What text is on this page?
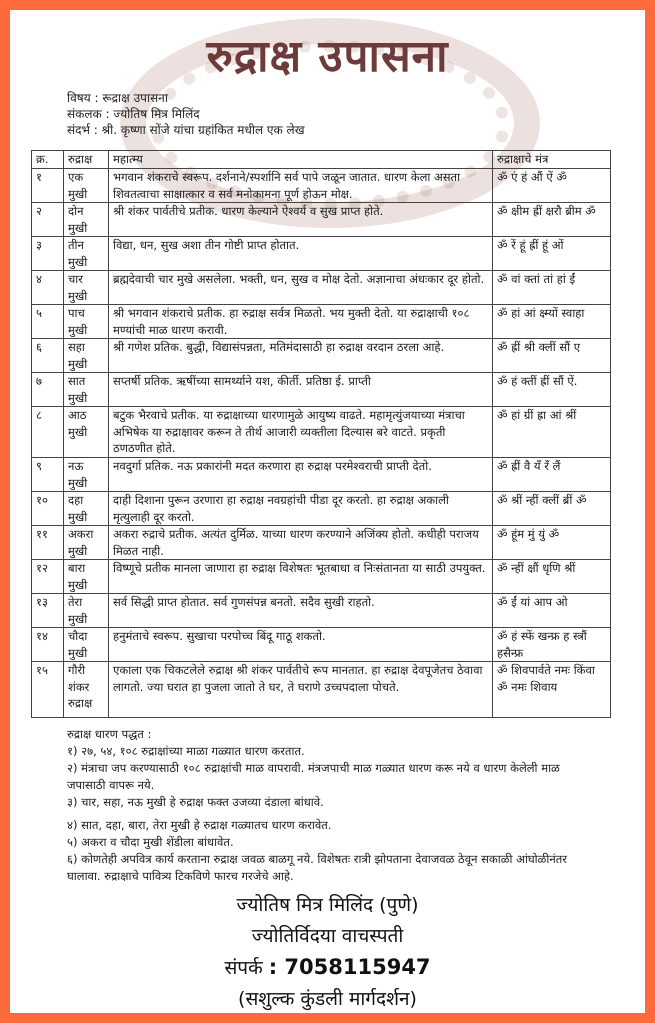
रुद्राक्ष उपासना
विषय : रूद्राक्ष उपासना
संकलक : ज्योतिष मित्र मिलिंद
संदर्भ : श्री. कृष्णा सोंजे यांचा ग्रहांकित मधील एक लेख
क्र.	रुद्राक्ष	महात्म्य	रुद्राक्षाचे मंत्र
१	एक मुखी	भगवान शंकराचे स्वरूप. दर्शनाने/स्पर्शानि सर्व पापे जळून जातात. धारण केला असता शिवतत्वाचा साक्षात्कार व सर्व मनोकामना पूर्ण होऊन मोक्ष.	ॐ एं हं औं ऐं ॐ
२	दोन मुखी	श्री शंकर पार्वतीचे प्रतीक. धारण केल्याने ऐश्वर्य व सुख प्राप्त होते.	ॐ क्षीम ह्रीं क्षरौ ब्रीम ॐ
३	तीन मुखी	विद्या, धन, सुख अशा तीन गोष्टी प्राप्त होतात.	ॐ रें हूं ह्रीं हूं ओं
४	चार मुखी	ब्रह्मदेवाची चार मुखे असलेला. भक्ती, धन, सुख व मोक्ष देतो. अज्ञानाचा अंधःकार दूर होतो.	ॐ वां क्तां तां हां ईं
५	पाच मुखी	श्री भगवान शंकराचे प्रतीक. हा रुद्राक्ष सर्वत्र मिळतो. भय मुक्ती देतो. या रुद्राक्षाची १०८ मण्यांची माळ धारण करावी.	ॐ हां आं क्ष्म्यों स्वाहा
६	सहा मुखी	श्री गणेश प्रतिक. बुद्धी, विद्यासंपन्नता, मतिमंदासाठी हा रुद्राक्ष वरदान ठरला आहे.	ॐ ह्रीं श्री क्लीं सौं ए
७	सात मुखी	सप्तर्षी प्रतिक. ऋषींच्या सामर्थ्याने यश, कीर्ती. प्रतिष्ठा ई. प्राप्ती	ॐ हं क्तीं ह्रीं सौं ऐं.
८	आठ मुखी	बटुक भैरवाचे प्रतीक. या रुद्राक्षाच्या धारणामुळे आयुष्य वाढते. महामृत्युंजयाच्या मंत्राचा अभिषेक या रुद्राक्षावर करून ते तीर्थ आजारी व्यक्तीला दिल्यास बरे वाटते. प्रकृती ठणठणीत होते.	ॐ हां ग्रीं ह्रा आं श्रीं
९	नऊ मुखी	नवदुर्गा प्रतिक. नऊ प्रकारांनी मदत करणारा हा रुद्राक्ष परमेश्वराची प्राप्ती देतो.	ॐ ह्रीं वै यँ रँ लैं
१०	दहा मुखी	दाही दिशाना पुरून उरणारा हा रुद्राक्ष नवग्रहांची पीडा दूर करतो. हा रुद्राक्ष अकाली मृत्युलाही दूर करतो.	ॐ श्रीं न्हीं क्लीं ब्रीं ॐ
११	अकरा मुखी	अकरा रुद्राचे प्रतीक. अत्यंत दुर्मिळ. याच्या धारण करण्याने अजिंक्य होतो. कधीही पराजय मिळत नाही.	ॐ हूंम मुं युं ॐ
१२	बारा मुखी	विष्णूचे प्रतीक मानला जाणारा हा रुद्राक्ष विशेषतः भूतबाधा व निःसंतानता या साठी उपयुक्त.	ॐ न्हीं क्षौं धृणि श्रीं
१३	तेरा मुखी	सर्व सिद्धी प्राप्त होतात. सर्व गुणसंपन्न बनतो. सदैव सुखी राहतो.	ॐ ईं यां आप ओ
१४	चौदा मुखी	हनुमंताचे स्वरूप. सुखाचा परपोच्च बिंदू गाठू शकतो.	ॐ हं स्फें खन्फ्र ह स्त्रौं हसैन्फ्र
१५	गौरी शंकर रुद्राक्ष	एकाला एक चिकटलेले रुद्राक्ष श्री शंकर पार्वतीचे रूप मानतात. हा रुद्राक्ष देवपूजेतच ठेवावा लागतो. ज्या घरात हा पुजला जातो ते घर, ते घराणे उच्चपदाला पोचते.	ॐ शिवपार्वते नमः किंवा ॐ नमः शिवाय
रुद्राक्ष धारण पद्धत :
१) २७, ५४, १०८ रुद्राक्षांच्या माळा गळ्यात धारण करतात.
२) मंत्राचा जप करण्यासाठी १०८ रुद्राक्षांची माळ वापरावी. मंत्रजपाची माळ गळ्यात धारण करू नये व धारण केलेली माळ जपासाठी वापरू नये.
३) चार, सहा, नऊ मुखी हे रुद्राक्ष फक्त उजव्या दंडाला बांधावे.
४) सात, दहा, बारा, तेरा मुखी हे रुद्राक्ष गळ्यातच धारण करावेत.
५) अकरा व चौदा मुखी शेंडीला बांधावेत.
६) कोणतेही अपवित्र कार्य करताना रुद्राक्ष जवळ बाळगू नये. विशेषतः रात्री झोपताना देवाजवळ ठेवून सकाळी आंघोळीनंतर घालावा. रुद्राक्षाचे पावित्र्य टिकविणे फारच गरजेचे आहे.
ज्योतिष मित्र मिलिंद (पुणे)
ज्योतिर्विदया वाचस्पती
संपर्क : 7058115947
(सशुल्क कुंडली मार्गदर्शन)
